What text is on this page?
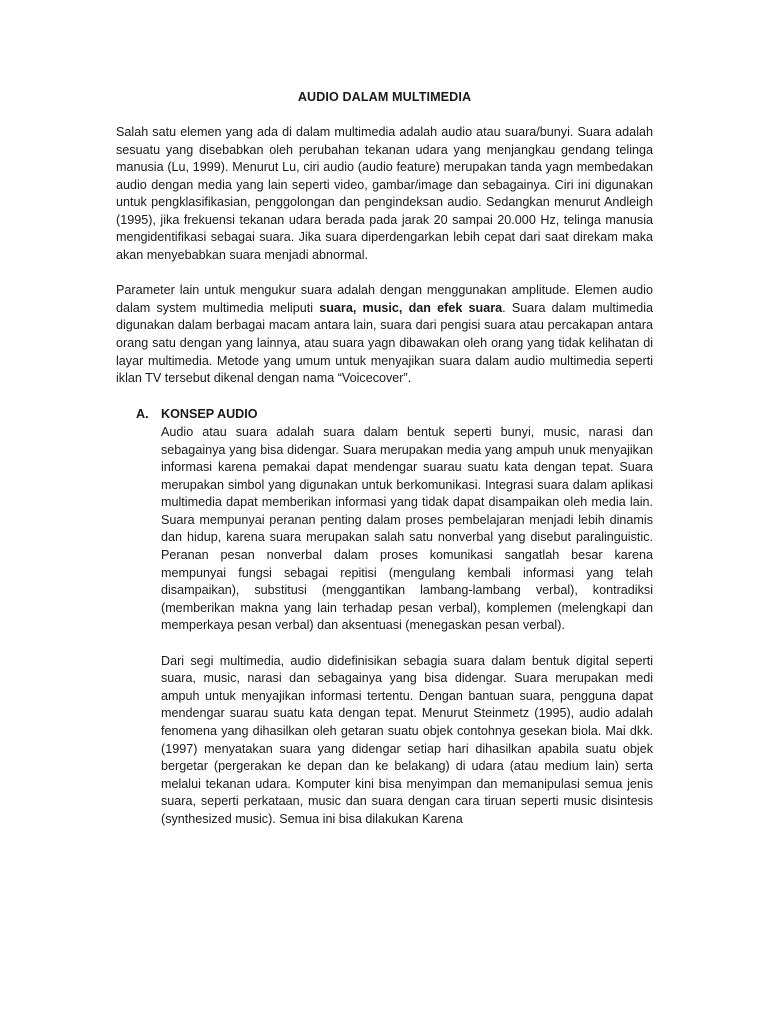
AUDIO DALAM MULTIMEDIA

Salah satu elemen yang ada di dalam multimedia adalah audio atau suara/bunyi. Suara adalah sesuatu yang disebabkan oleh perubahan tekanan udara yang menjangkau gendang telinga manusia (Lu, 1999). Menurut Lu, ciri audio (audio feature) merupakan tanda yagn membedakan audio dengan media yang lain seperti video, gambar/image dan sebagainya. Ciri ini digunakan untuk pengklasifikasian, penggolongan dan pengindeksan audio. Sedangkan menurut Andleigh (1995), jika frekuensi tekanan udara berada pada jarak 20 sampai 20.000 Hz, telinga manusia mengidentifikasi sebagai suara. Jika suara diperdengarkan lebih cepat dari saat direkam maka akan menyebabkan suara menjadi abnormal.

Parameter lain untuk mengukur suara adalah dengan menggunakan amplitude. Elemen audio dalam system multimedia meliputi suara, music, dan efek suara. Suara dalam multimedia digunakan dalam berbagai macam antara lain, suara dari pengisi suara atau percakapan antara orang satu dengan yang lainnya, atau suara yagn dibawakan oleh orang yang tidak kelihatan di layar multimedia. Metode yang umum untuk menyajikan suara dalam audio multimedia seperti iklan TV tersebut dikenal dengan nama “Voicecover”.

A. KONSEP AUDIO

Audio atau suara adalah suara dalam bentuk seperti bunyi, music, narasi dan sebagainya yang bisa didengar. Suara merupakan media yang ampuh unuk menyajikan informasi karena pemakai dapat mendengar suarau suatu kata dengan tepat. Suara merupakan simbol yang digunakan untuk berkomunikasi. Integrasi suara dalam aplikasi multimedia dapat memberikan informasi yang tidak dapat disampaikan oleh media lain. Suara mempunyai peranan penting dalam proses pembelajaran menjadi lebih dinamis dan hidup, karena suara merupakan salah satu nonverbal yang disebut paralinguistic. Peranan pesan nonverbal dalam proses komunikasi sangatlah besar karena mempunyai fungsi sebagai repitisi (mengulang kembali informasi yang telah disampaikan), substitusi (menggantikan lambang-lambang verbal), kontradiksi (memberikan makna yang lain terhadap pesan verbal), komplemen (melengkapi dan memperkaya pesan verbal) dan aksentuasi (menegaskan pesan verbal).

Dari segi multimedia, audio didefinisikan sebagia suara dalam bentuk digital seperti suara, music, narasi dan sebagainya yang bisa didengar. Suara merupakan medi ampuh untuk menyajikan informasi tertentu. Dengan bantuan suara, pengguna dapat mendengar suarau suatu kata dengan tepat. Menurut Steinmetz (1995), audio adalah fenomena yang dihasilkan oleh getaran suatu objek contohnya gesekan biola. Mai dkk. (1997) menyatakan suara yang didengar setiap hari dihasilkan apabila suatu objek bergetar (pergerakan ke depan dan ke belakang) di udara (atau medium lain) serta melalui tekanan udara. Komputer kini bisa menyimpan dan memanipulasi semua jenis suara, seperti perkataan, music dan suara dengan cara tiruan seperti music disintesis (synthesized music). Semua ini bisa dilakukan Karena
